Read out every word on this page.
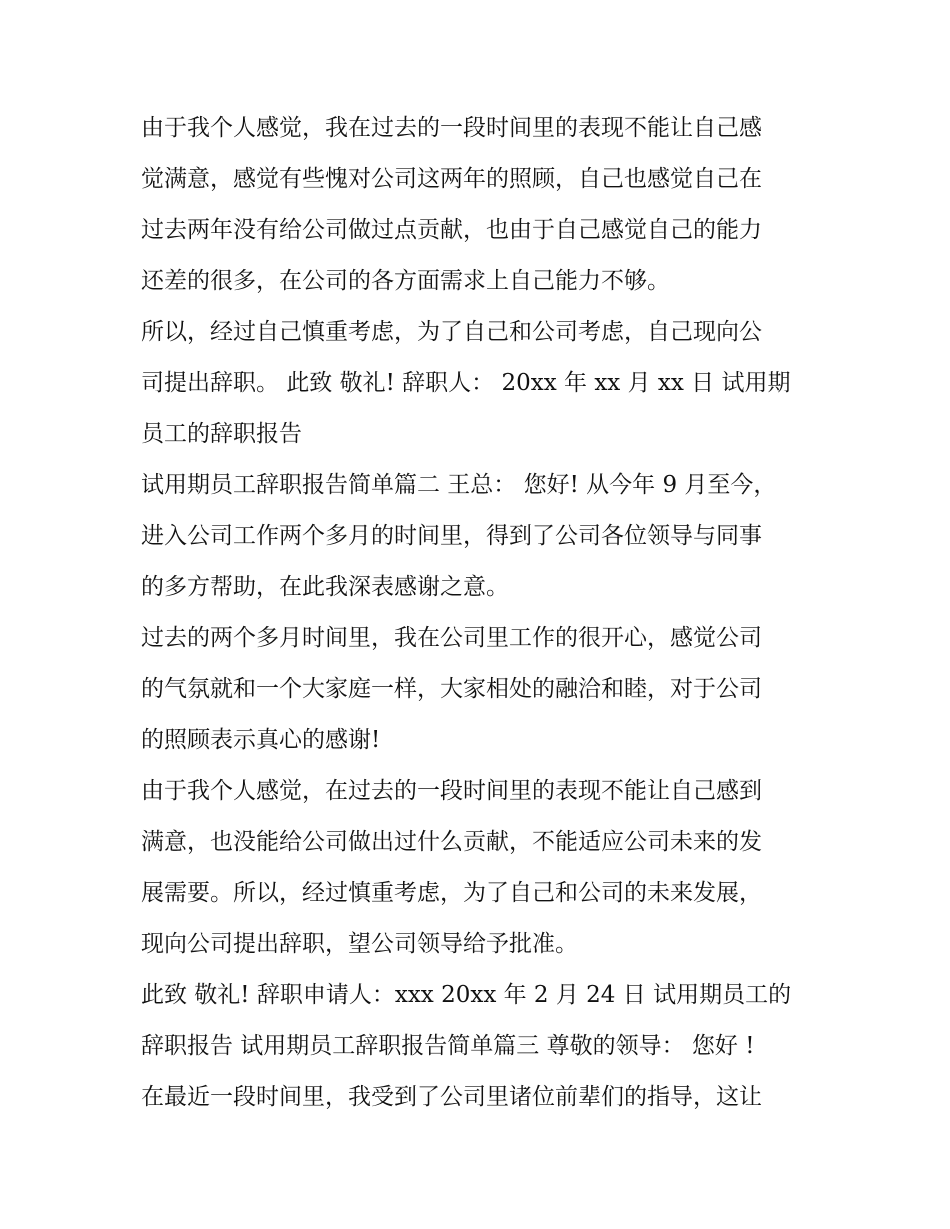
由于我个人感觉，我在过去的一段时间里的表现不能让自己感
觉满意，感觉有些愧对公司这两年的照顾，自己也感觉自己在
过去两年没有给公司做过点贡献，也由于自己感觉自己的能力
还差的很多，在公司的各方面需求上自己能力不够。
所以，经过自己慎重考虑，为了自己和公司考虑，自己现向公
司提出辞职。 此致 敬礼! 辞职人： 20xx 年 xx 月 xx 日 试用期
员工的辞职报告
试用期员工辞职报告简单篇二 王总： 您好! 从今年 9 月至今，
进入公司工作两个多月的时间里，得到了公司各位领导与同事
的多方帮助，在此我深表感谢之意。
过去的两个多月时间里，我在公司里工作的很开心，感觉公司
的气氛就和一个大家庭一样，大家相处的融洽和睦，对于公司
的照顾表示真心的感谢!
由于我个人感觉，在过去的一段时间里的表现不能让自己感到
满意，也没能给公司做出过什么贡献，不能适应公司未来的发
展需要。所以，经过慎重考虑，为了自己和公司的未来发展，
现向公司提出辞职，望公司领导给予批准。
此致 敬礼! 辞职申请人：xxx 20xx 年 2 月 24 日 试用期员工的
辞职报告 试用期员工辞职报告简单篇三 尊敬的领导： 您好 !
在最近一段时间里，我受到了公司里诸位前辈们的指导，这让
